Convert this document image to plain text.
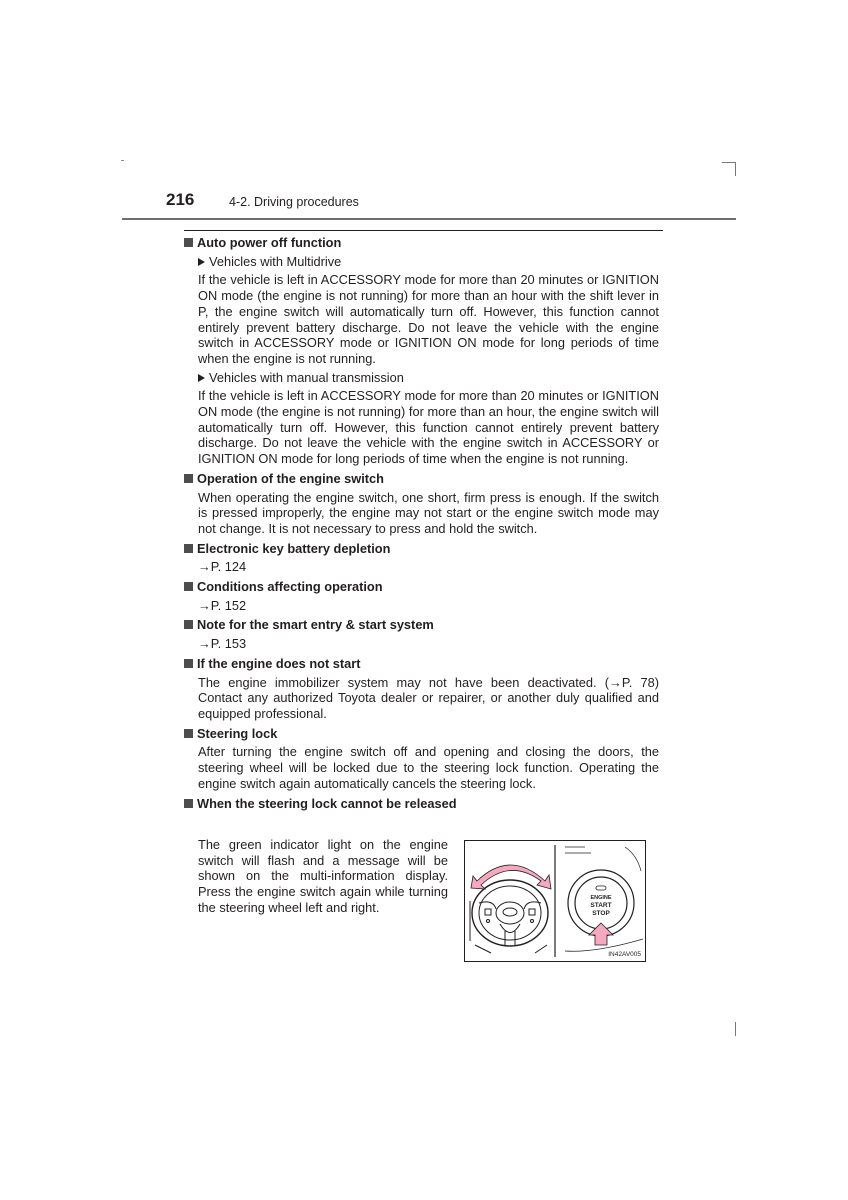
216	4-2. Driving procedures
Auto power off function
Vehicles with Multidrive
If the vehicle is left in ACCESSORY mode for more than 20 minutes or IGNITION ON mode (the engine is not running) for more than an hour with the shift lever in P, the engine switch will automatically turn off. However, this function cannot entirely prevent battery discharge. Do not leave the vehicle with the engine switch in ACCESSORY mode or IGNITION ON mode for long periods of time when the engine is not running.
Vehicles with manual transmission
If the vehicle is left in ACCESSORY mode for more than 20 minutes or IGNITION ON mode (the engine is not running) for more than an hour, the engine switch will automatically turn off. However, this function cannot entirely prevent battery discharge. Do not leave the vehicle with the engine switch in ACCESSORY or IGNITION ON mode for long periods of time when the engine is not running.
Operation of the engine switch
When operating the engine switch, one short, firm press is enough. If the switch is pressed improperly, the engine may not start or the engine switch mode may not change. It is not necessary to press and hold the switch.
Electronic key battery depletion
→P. 124
Conditions affecting operation
→P. 152
Note for the smart entry & start system
→P. 153
If the engine does not start
The engine immobilizer system may not have been deactivated. (→P. 78) Contact any authorized Toyota dealer or repairer, or another duly qualified and equipped professional.
Steering lock
After turning the engine switch off and opening and closing the doors, the steering wheel will be locked due to the steering lock function. Operating the engine switch again automatically cancels the steering lock.
When the steering lock cannot be released
The green indicator light on the engine switch will flash and a message will be shown on the multi-information display. Press the engine switch again while turning the steering wheel left and right.
ENGINE
START
STOP
IN42AV005
